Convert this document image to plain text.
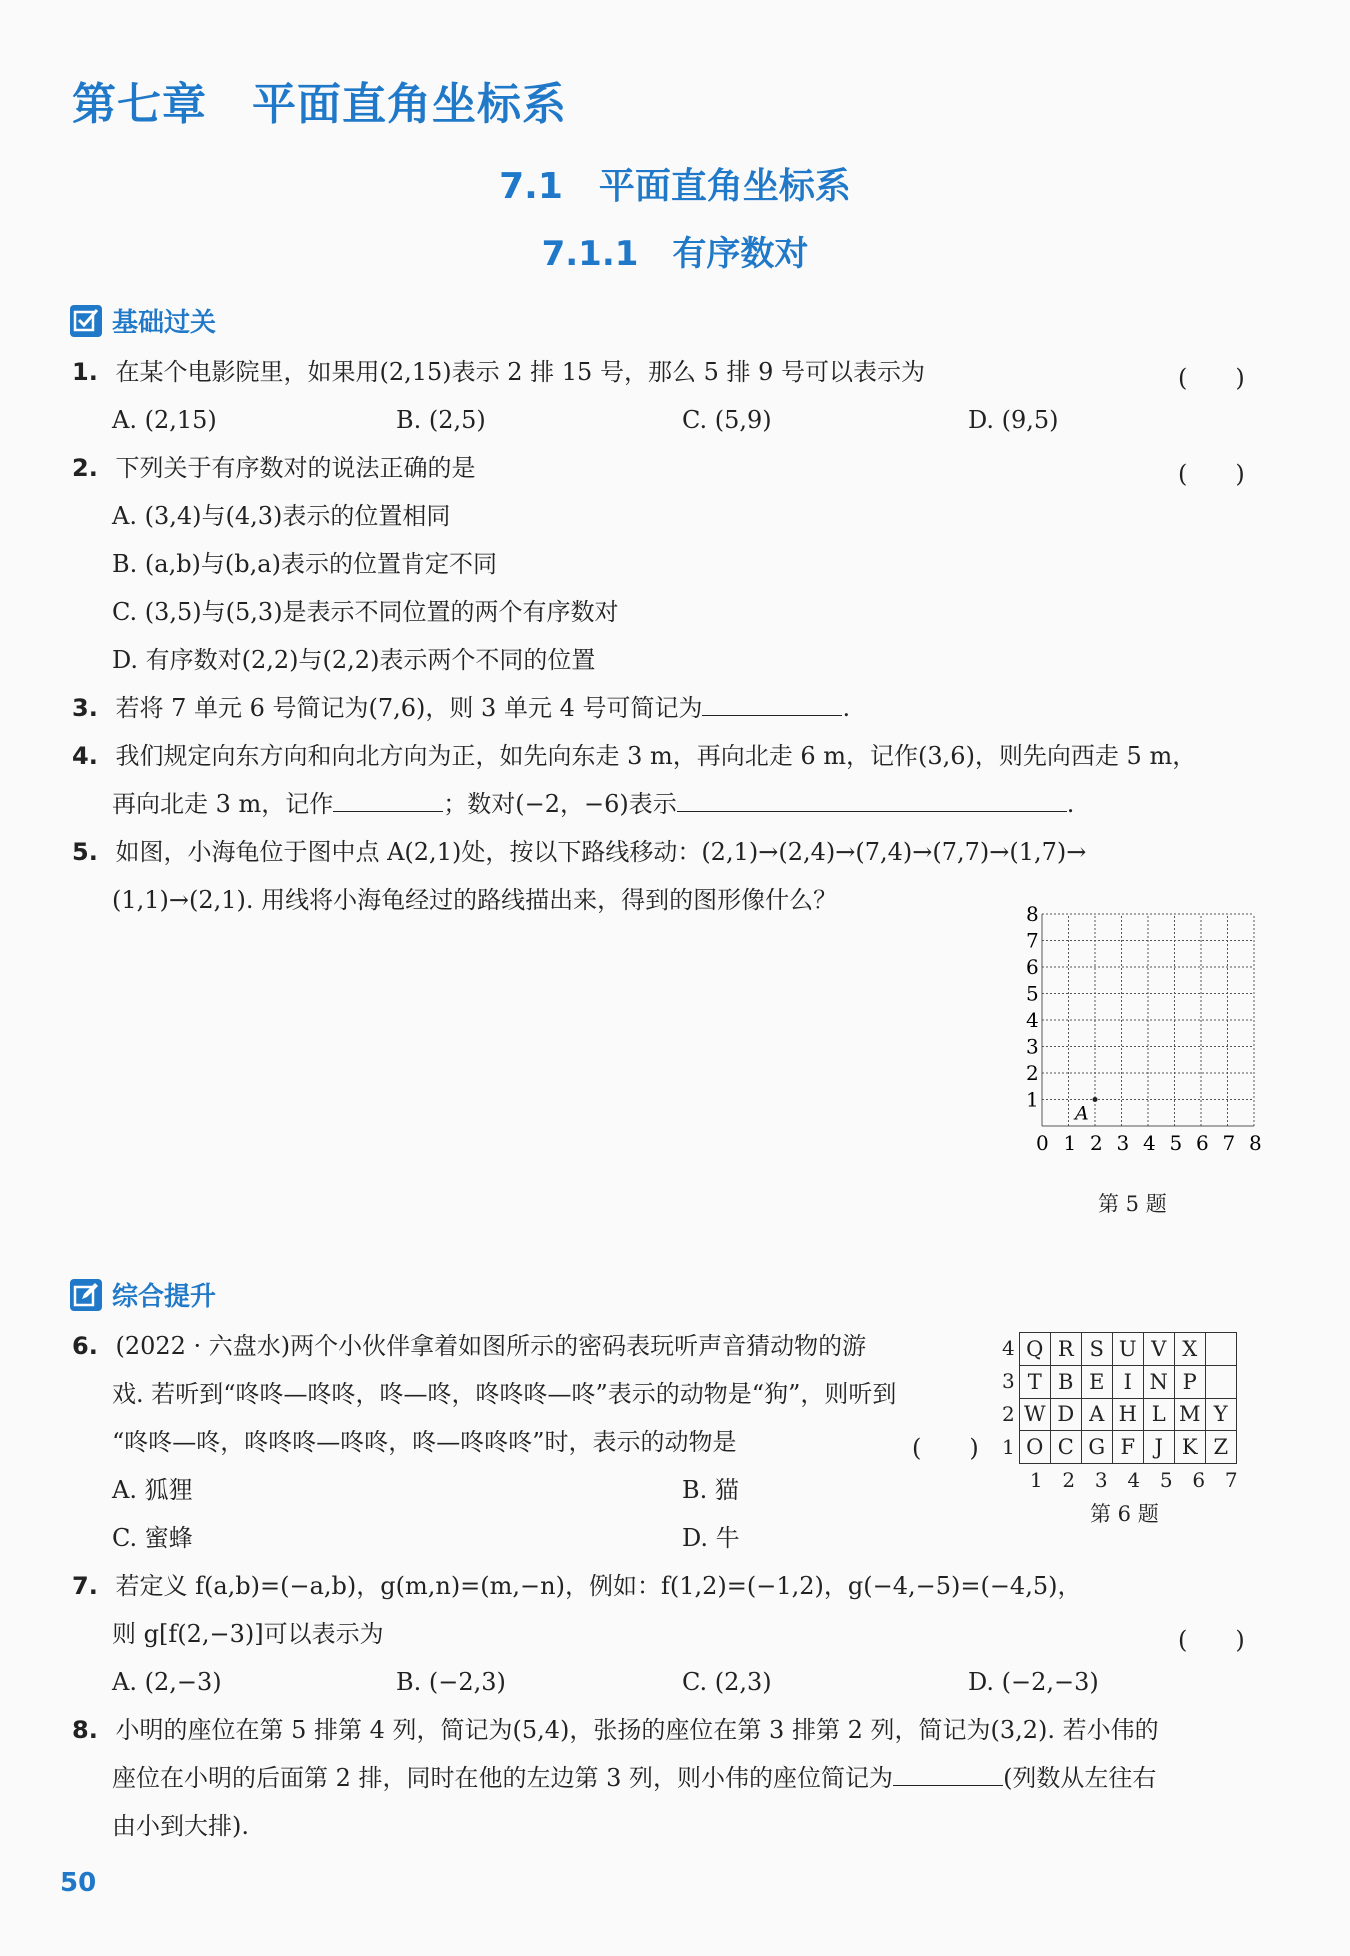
第七章　平面直角坐标系
7.1　平面直角坐标系
7.1.1　有序数对
基础过关
1. 在某个电影院里，如果用(2,15)表示 2 排 15 号，那么 5 排 9 号可以表示为	(　　)
A. (2,15)	B. (2,5)	C. (5,9)	D. (9,5)
2. 下列关于有序数对的说法正确的是	(　　)
A. (3,4)与(4,3)表示的位置相同
B. (a,b)与(b,a)表示的位置肯定不同
C. (3,5)与(5,3)是表示不同位置的两个有序数对
D. 有序数对(2,2)与(2,2)表示两个不同的位置
3. 若将 7 单元 6 号简记为(7,6)，则 3 单元 4 号可简记为	.
4. 我们规定向东方向和向北方向为正，如先向东走 3 m，再向北走 6 m，记作(3,6)，则先向西走 5 m，
再向北走 3 m，记作	；数对(−2，−6)表示	.
5. 如图，小海龟位于图中点 A(2,1)处，按以下路线移动：(2,1)→(2,4)→(7,4)→(7,7)→(1,7)→
(1,1)→(2,1). 用线将小海龟经过的路线描出来，得到的图形像什么？
0 1 2 3 4 5 6 7 8
1
2
3
4
5
6
7
8
A
第 5 题
综合提升
6. (2022 · 六盘水)两个小伙伴拿着如图所示的密码表玩听声音猜动物的游
戏. 若听到“咚咚—咚咚，咚—咚，咚咚咚—咚”表示的动物是“狗”，则听到
“咚咚—咚，咚咚咚—咚咚，咚—咚咚咚”时，表示的动物是	(　　)
A. 狐狸	B. 猫
C. 蜜蜂	D. 牛
4
3
2
1
Q	R	S	U	V	X	
T	B	E	I	N	P	
W	D	A	H	L	M	Y
O	C	G	F	J	K	Z
1 2 3 4 5 6 7
第 6 题
7. 若定义 f(a,b)=(−a,b)，g(m,n)=(m,−n)，例如：f(1,2)=(−1,2)，g(−4,−5)=(−4,5)，
则 g[f(2,−3)]可以表示为	(　　)
A. (2,−3)	B. (−2,3)	C. (2,3)	D. (−2,−3)
8. 小明的座位在第 5 排第 4 列，简记为(5,4)，张扬的座位在第 3 排第 2 列，简记为(3,2). 若小伟的
座位在小明的后面第 2 排，同时在他的左边第 3 列，则小伟的座位简记为	(列数从左往右
由小到大排).
50
